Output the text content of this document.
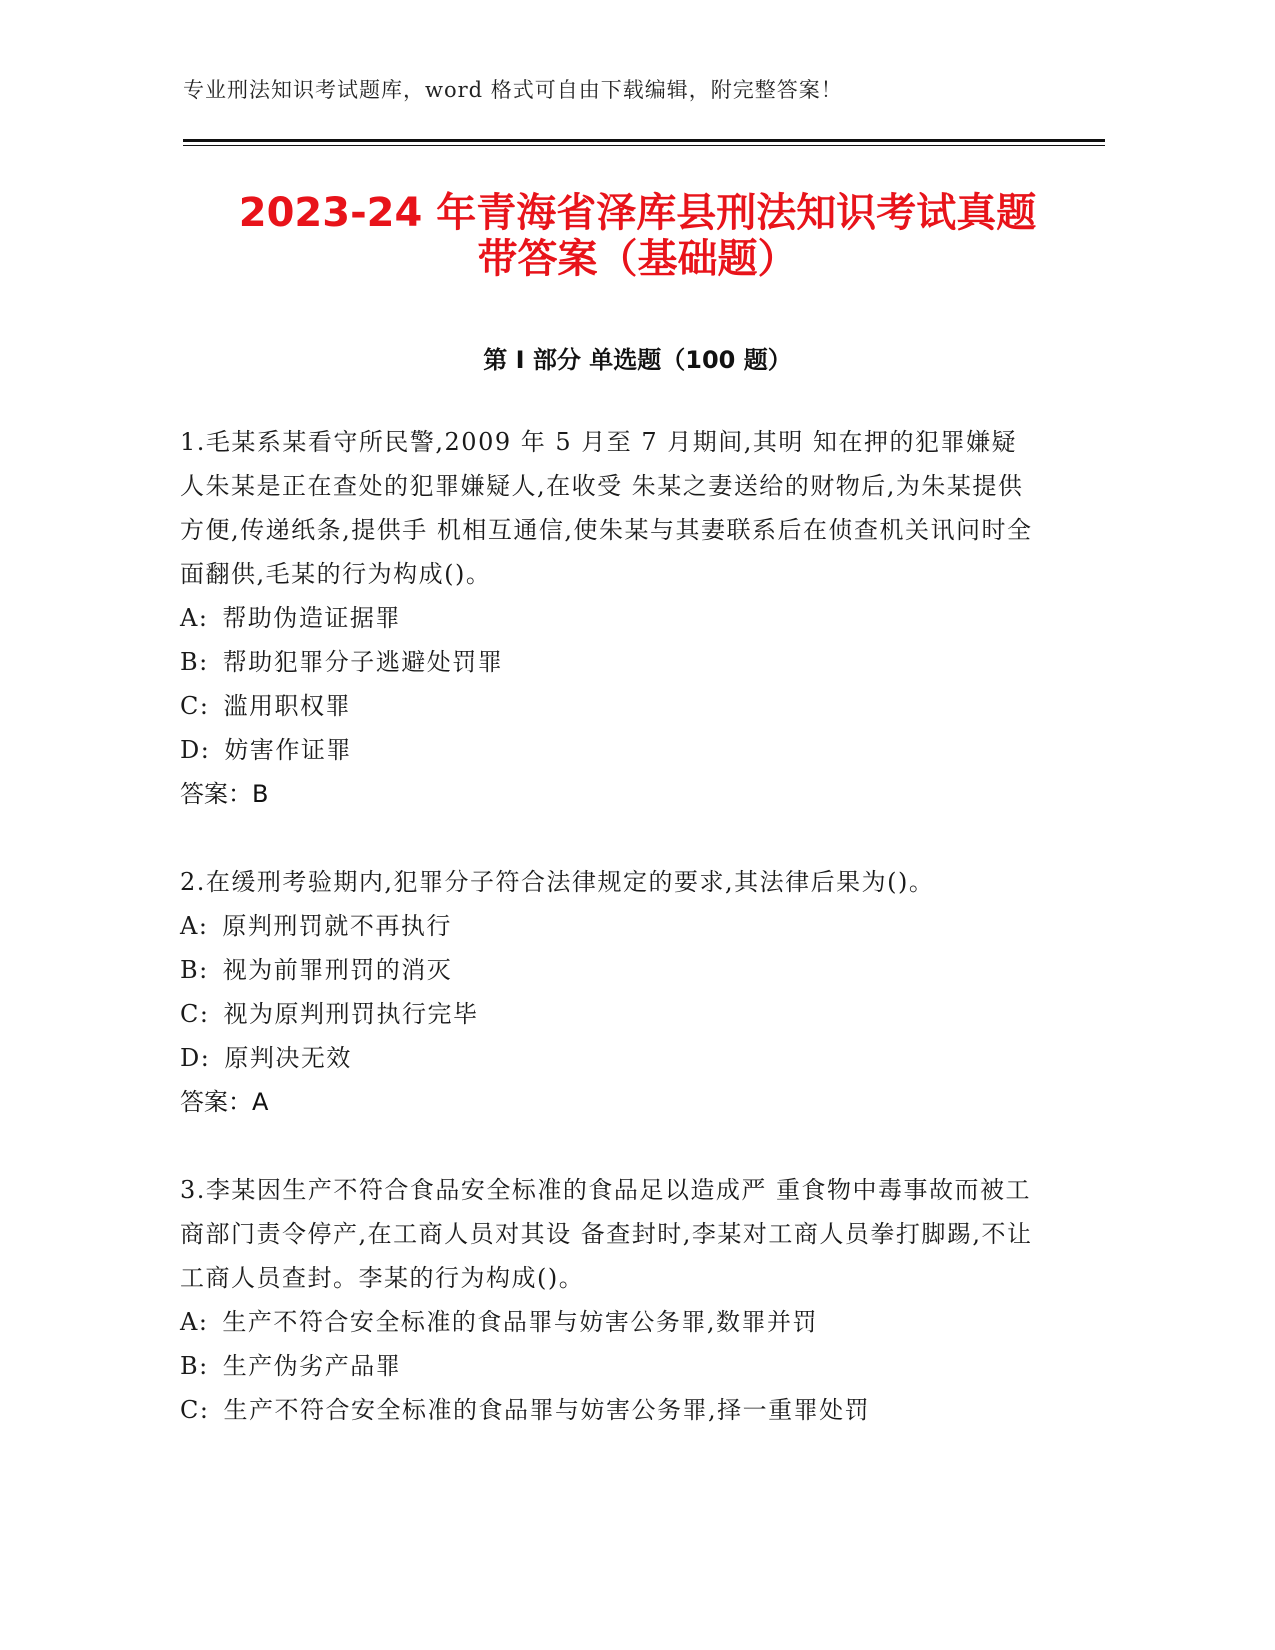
专业刑法知识考试题库，word 格式可自由下载编辑，附完整答案！
2023-24 年青海省泽库县刑法知识考试真题
带答案（基础题）
第 I 部分 单选题（100 题）

1.毛某系某看守所民警,2009 年 5 月至 7 月期间,其明 知在押的犯罪嫌疑人朱某是正在查处的犯罪嫌疑人,在收受 朱某之妻送给的财物后,为朱某提供方便,传递纸条,提供手 机相互通信,使朱某与其妻联系后在侦查机关讯问时全面翻供,毛某的行为构成()。

A: 帮助伪造证据罪
B: 帮助犯罪分子逃避处罚罪
C: 滥用职权罪
D: 妨害作证罪
答案：B

2.在缓刑考验期内,犯罪分子符合法律规定的要求,其法律后果为()。

A: 原判刑罚就不再执行
B: 视为前罪刑罚的消灭
C: 视为原判刑罚执行完毕
D: 原判决无效
答案：A

3.李某因生产不符合食品安全标准的食品足以造成严 重食物中毒事故而被工商部门责令停产,在工商人员对其设 备查封时,李某对工商人员拳打脚踢,不让工商人员查封。李某的行为构成()。

A: 生产不符合安全标准的食品罪与妨害公务罪,数罪并罚
B: 生产伪劣产品罪
C: 生产不符合安全标准的食品罪与妨害公务罪,择一重罪处罚
